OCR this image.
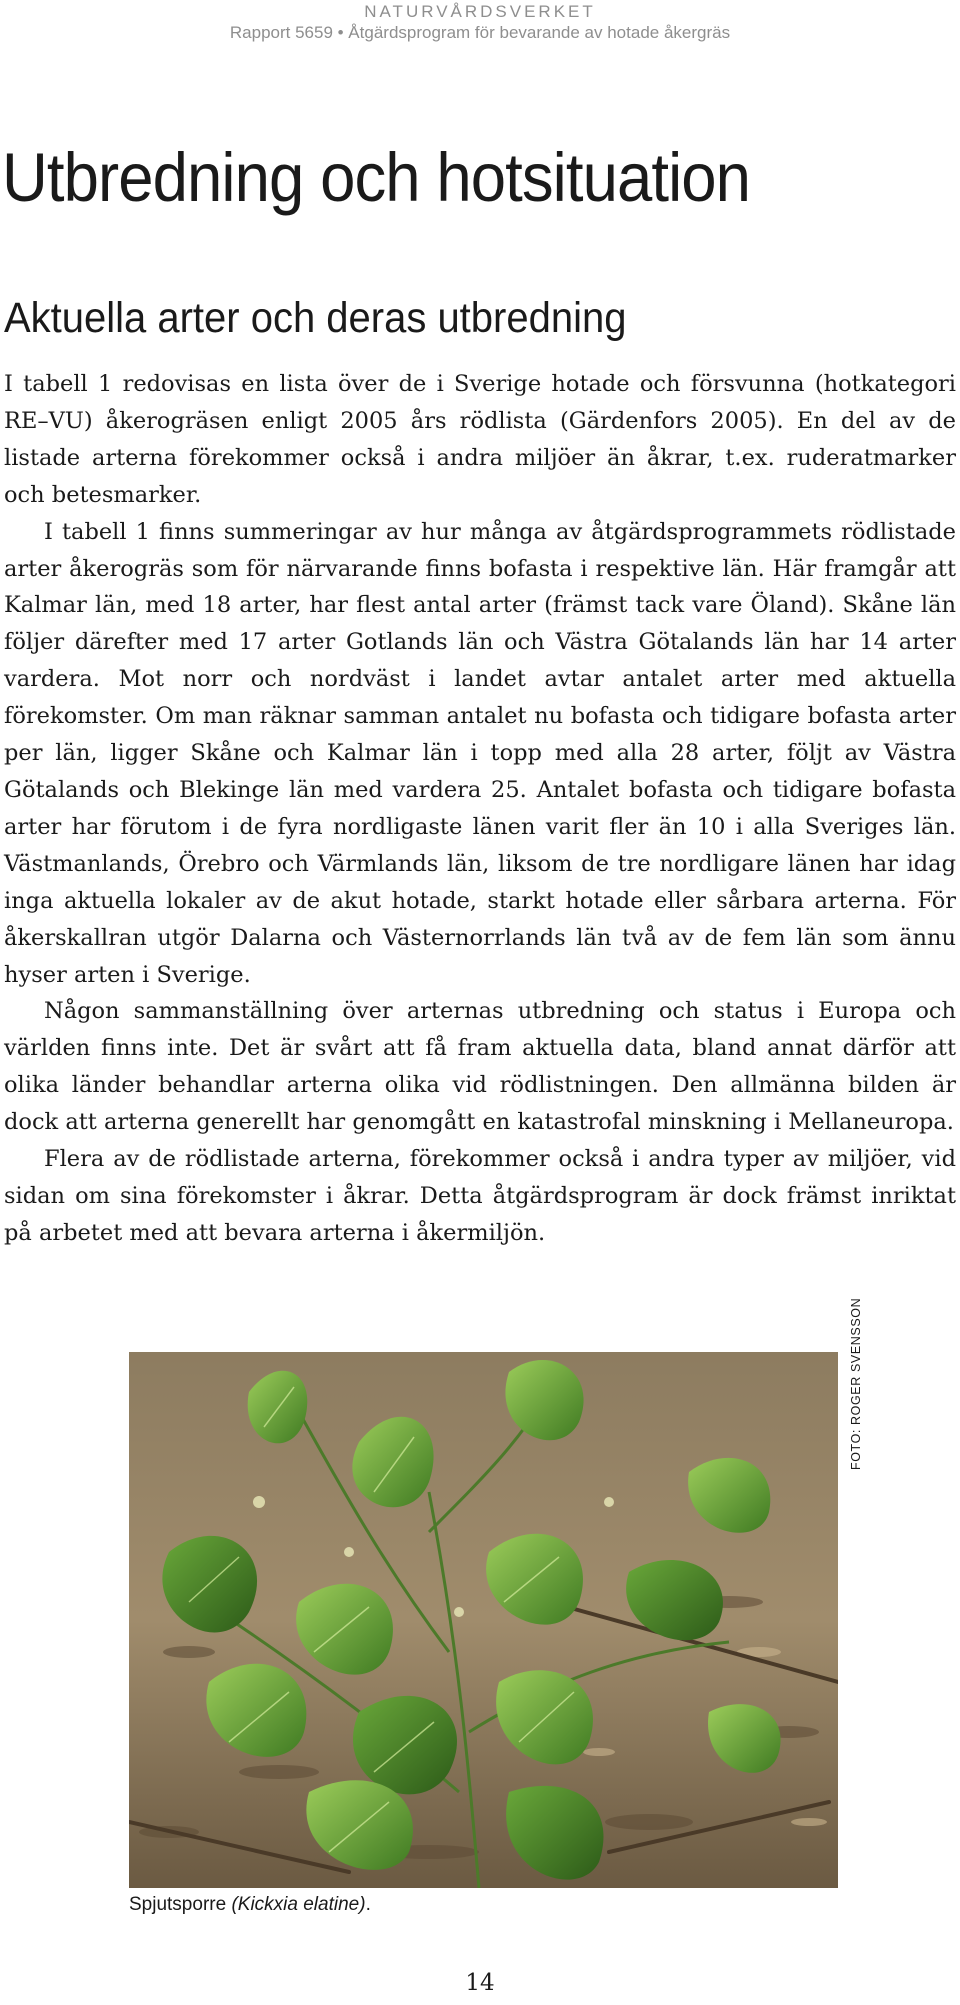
NATURVÅRDSVERKET
Rapport 5659 • Åtgärdsprogram för bevarande av hotade åkergräs
Utbredning och hotsituation
Aktuella arter och deras utbredning

I tabell 1 redovisas en lista över de i Sverige hotade och försvunna (hotkategori RE–VU) åkerogräsen enligt 2005 års rödlista (Gärdenfors 2005). En del av de listade arterna förekommer också i andra miljöer än åkrar, t.ex. ruderatmarker och betesmarker.

I tabell 1 finns summeringar av hur många av åtgärdsprogrammets rödlistade arter åkerogräs som för närvarande finns bofasta i respektive län. Här framgår att Kalmar län, med 18 arter, har flest antal arter (främst tack vare Öland). Skåne län följer därefter med 17 arter Gotlands län och Västra Götalands län har 14 arter vardera. Mot norr och nordväst i landet avtar antalet arter med aktuella förekomster. Om man räknar samman antalet nu bofasta och tidigare bofasta arter per län, ligger Skåne och Kalmar län i topp med alla 28 arter, följt av Västra Götalands och Blekinge län med vardera 25. Antalet bofasta och tidigare bofasta arter har förutom i de fyra nordligaste länen varit fler än 10 i alla Sveriges län. Västmanlands, Örebro och Värmlands län, liksom de tre nordligare länen har idag inga aktuella lokaler av de akut hotade, starkt hotade eller sårbara arterna. För åkerskallran utgör Dalarna och Västernorrlands län två av de fem län som ännu hyser arten i Sverige.

Någon sammanställning över arternas utbredning och status i Europa och världen finns inte. Det är svårt att få fram aktuella data, bland annat därför att olika länder behandlar arterna olika vid rödlistningen. Den allmänna bilden är dock att arterna generellt har genomgått en katastrofal minskning i Mellaneuropa.

Flera av de rödlistade arterna, förekommer också i andra typer av miljöer, vid sidan om sina förekomster i åkrar. Detta åtgärdsprogram är dock främst inriktat på arbetet med att bevara arterna i åkermiljön.

FOTO: ROGER SVENSSON
Spjutsporre (Kickxia elatine).
14
